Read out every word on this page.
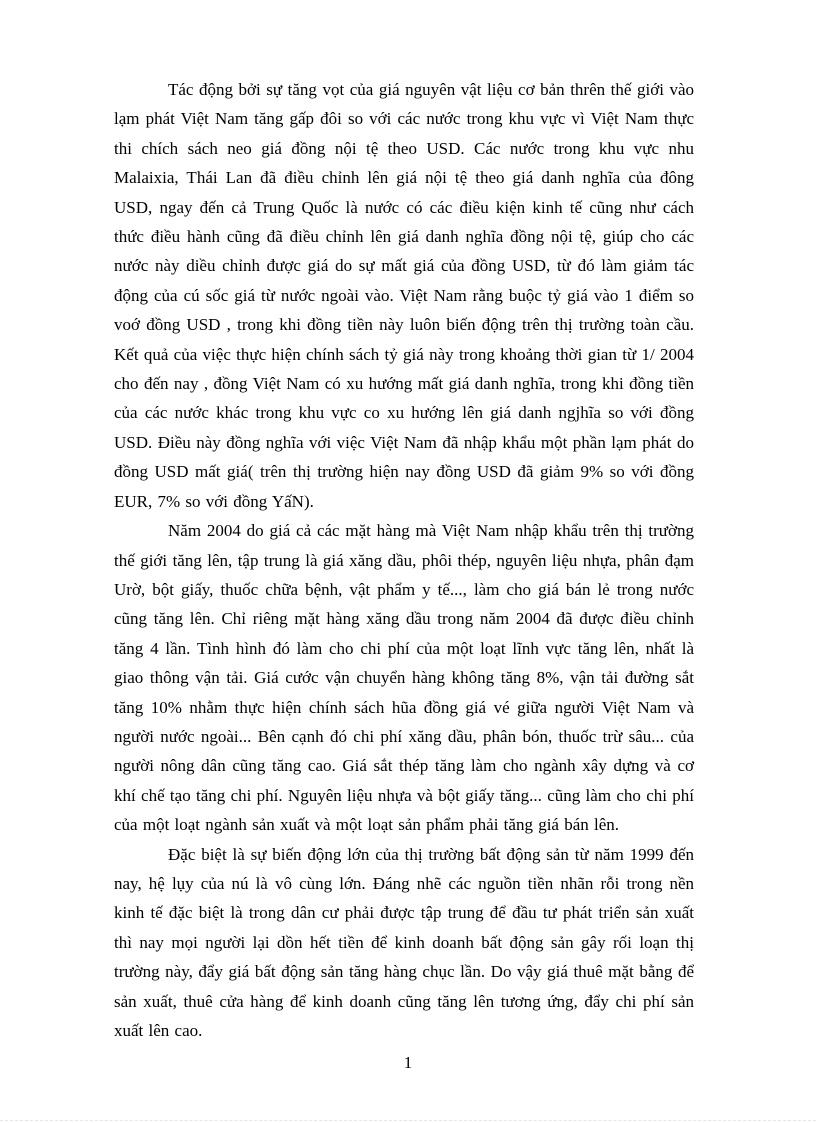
Tác động bởi sự tăng vọt của giá nguyên vật liệu cơ bản thrên thế giới vào lạm phát Việt Nam tăng gấp đôi so với các nước trong khu vực vì Việt Nam thực thi chích sách neo giá đồng nội tệ theo USD. Các nước trong khu vực nhu Malaixia, Thái Lan đã điều chỉnh lên giá nội tệ theo giá danh nghĩa của đông USD, ngay đến cả Trung Quốc là nước có các điều kiện kinh tế cũng như cách thức điều hành cũng đã điều chỉnh lên giá danh nghĩa đồng nội tệ, giúp cho các nước này diều chỉnh được giá do sự mất giá của đồng USD, từ đó làm giảm tác động của cú sốc giá từ nước ngoài vào. Việt Nam rằng buộc tỷ giá vào 1 điểm so voớ đồng USD , trong khi đồng tiền này luôn biến động trên thị trường toàn cầu. Kết quả của việc thực hiện chính sách tỷ giá này trong khoảng thời gian từ 1/ 2004 cho đến nay , đồng Việt Nam có xu hướng mất giá danh nghĩa, trong khi đồng tiền của các nước khác trong khu vực co xu hướng lên giá danh ngjhĩa so với đồng USD. Điều này đồng nghĩa với việc Việt Nam đã nhập khẩu một phần lạm phát do đồng USD mất giá( trên thị trường hiện nay đồng USD đã giảm 9% so với đồng EUR, 7% so với đồng YấN).

Năm 2004 do giá cả các mặt hàng mà Việt Nam nhập khẩu trên thị trường thế giới tăng lên, tập trung là giá xăng dầu, phôi thép, nguyên liệu nhựa, phân đạm Urờ, bột giấy, thuốc chữa bệnh, vật phẩm y tế..., làm cho giá bán lẻ trong nước cũng tăng lên. Chỉ riêng mặt hàng xăng dầu trong năm 2004 đã được điều chỉnh tăng 4 lần. Tình hình đó làm cho chi phí của một loạt lĩnh vực tăng lên, nhất là giao thông vận tải. Giá cước vận chuyển hàng không tăng 8%, vận tải đường sắt tăng 10% nhằm thực hiện chính sách hũa đồng giá vé giữa người Việt Nam và người nước ngoài... Bên cạnh đó chi phí xăng dầu, phân bón, thuốc trừ sâu... của người nông dân cũng tăng cao. Giá sắt thép tăng làm cho ngành xây dựng và cơ khí chế tạo tăng chi phí. Nguyên liệu nhựa và bột giấy tăng... cũng làm cho chi phí của một loạt ngành sản xuất và một loạt sản phẩm phải tăng giá bán lên.

Đặc biệt là sự biến động lớn của thị trường bất động sản từ năm 1999 đến nay, hệ lụy của nú là vô cùng lớn. Đáng nhẽ các nguồn tiền nhãn rỗi trong nền kinh tế đặc biệt là trong dân cư phải được tập trung để đầu tư phát triển sản xuất thì nay mọi người lại dồn hết tiền để kinh doanh bất động sản gây rối loạn thị trường này, đẩy giá bất động sản tăng hàng chục lần. Do vậy giá thuê mặt bằng để sản xuất, thuê cửa hàng để kinh doanh cũng tăng lên tương ứng, đẩy chi phí sản xuất lên cao.

1
